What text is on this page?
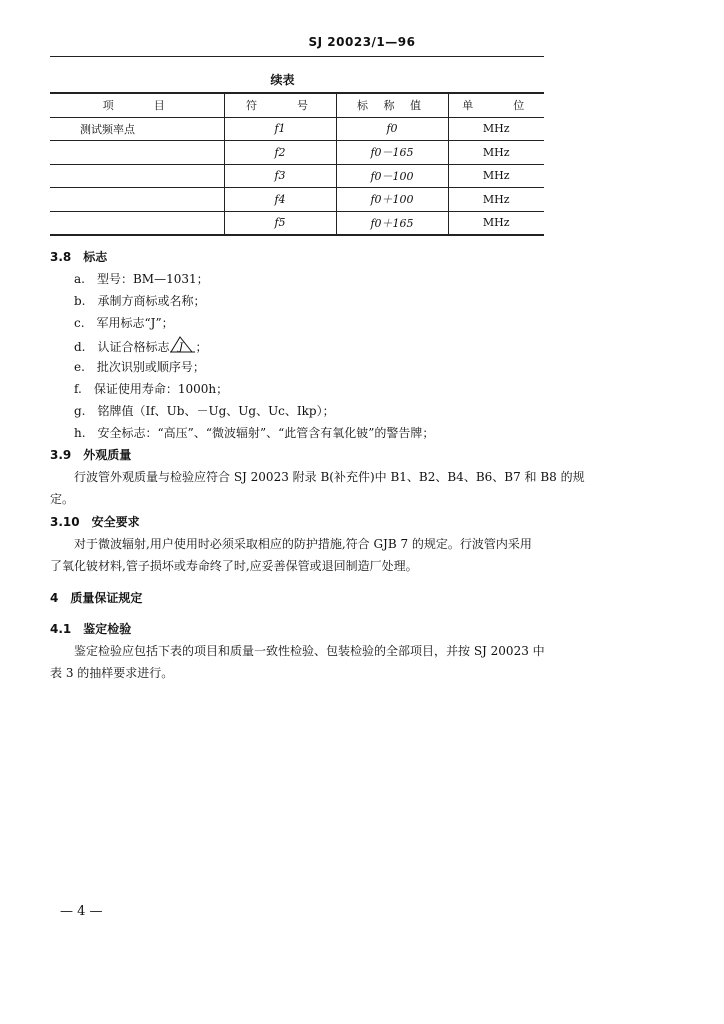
SJ 20023/1—96
续表
项　　目	符　　号	标 称 值	单　　位
测试频率点	f1	f0	MHz
	f2	f0－165	MHz
	f3	f0－100	MHz
	f4	f0＋100	MHz
	f5	f0＋165	MHz
3.8　标志
a.　型号：BM—1031；
b.　承制方商标或名称；
c.　军用标志“J”；
d.　认证合格标志 J ；
e.　批次识别或顺序号；
f.　保证使用寿命：1000h；
g.　铭牌值（If、Ub、－Ug、Ug、Uc、Ikp）；
h.　安全标志：“高压”、“微波辐射”、“此管含有氧化铍”的警告牌；
3.9　外观质量
行波管外观质量与检验应符合 SJ 20023 附录 B(补充件)中 B1、B2、B4、B6、B7 和 B8 的规
定。
3.10　安全要求
对于微波辐射,用户使用时必须采取相应的防护措施,符合 GJB 7 的规定。行波管内采用
了氧化铍材料,管子损坏或寿命终了时,应妥善保管或退回制造厂处理。
4　质量保证规定
4.1　鉴定检验
鉴定检验应包括下表的项目和质量一致性检验、包装检验的全部项目，并按 SJ 20023 中
表 3 的抽样要求进行。
— 4 —
